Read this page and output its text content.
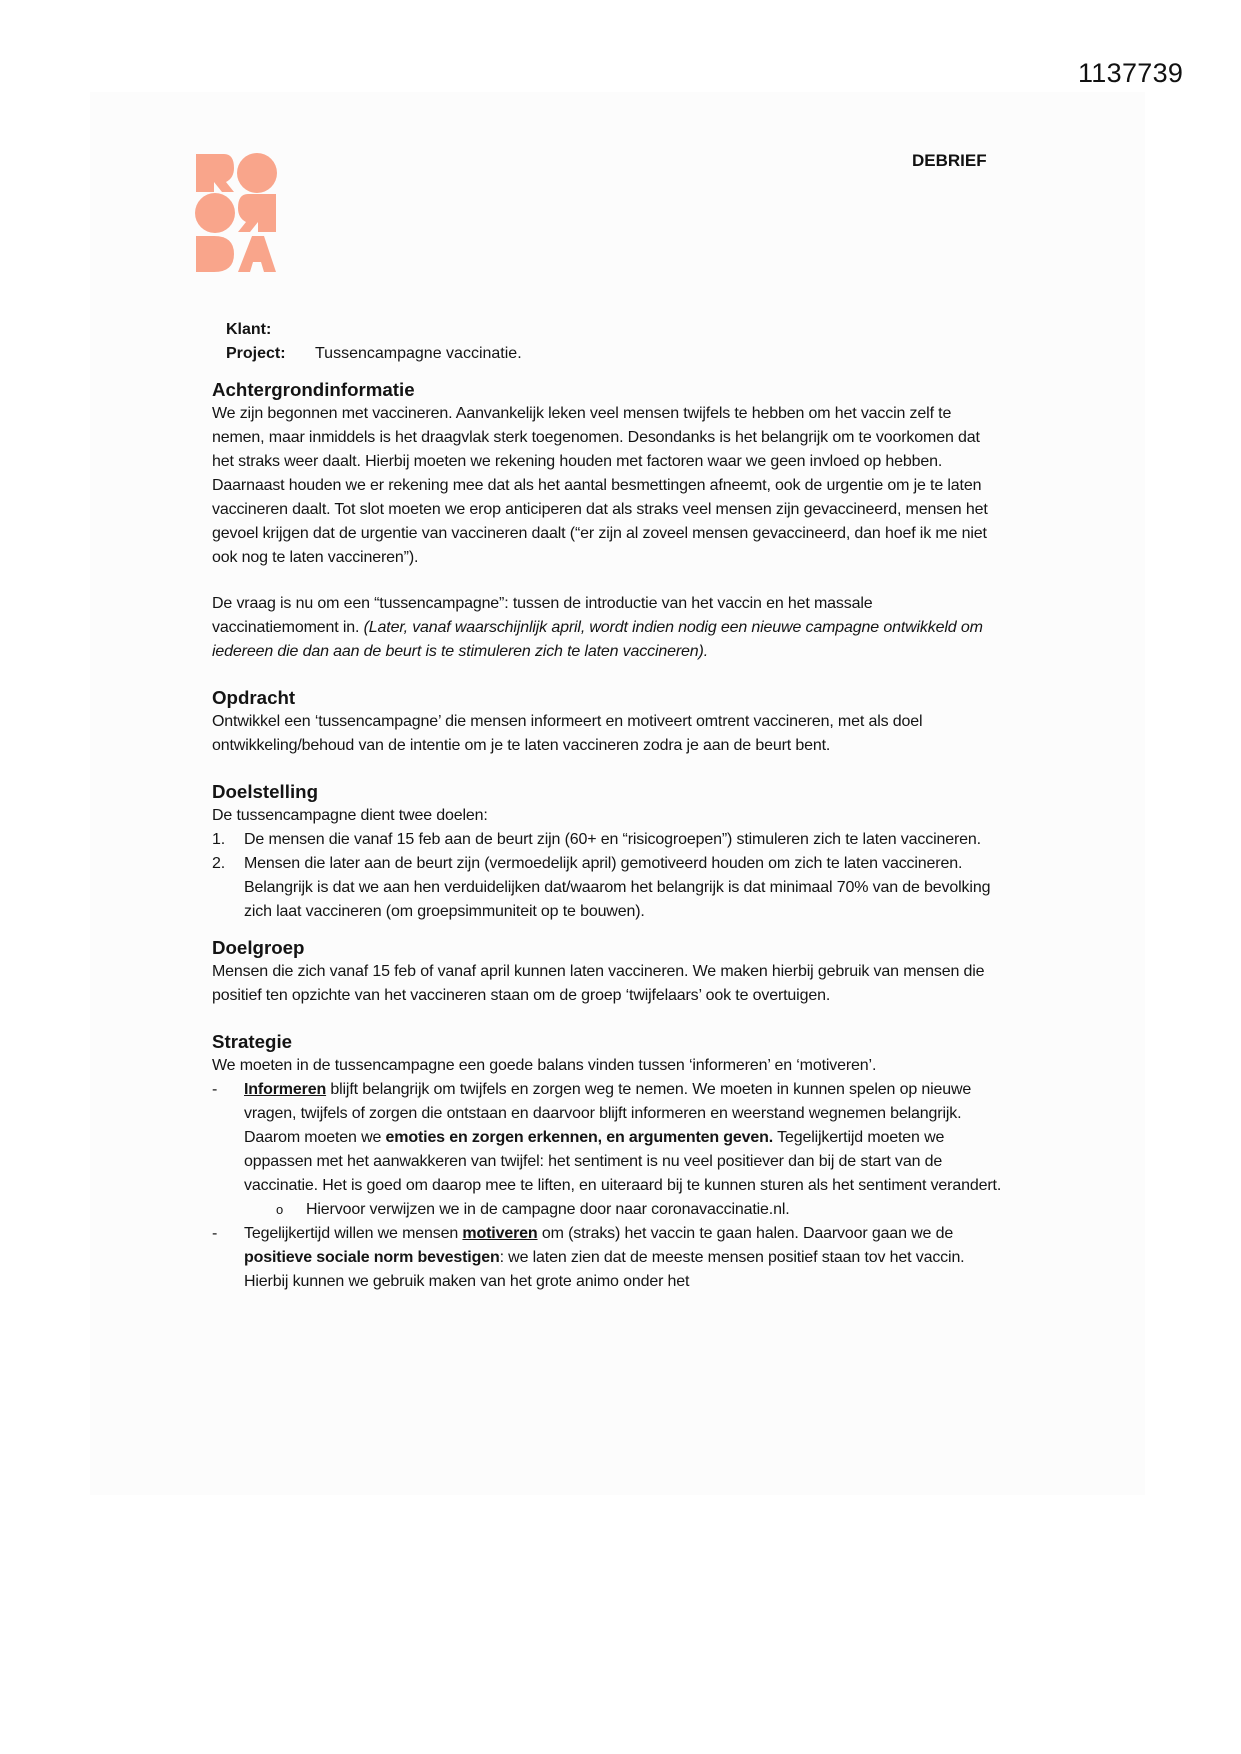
1137739
DEBRIEF
Klant:
Project:	Tussencampagne vaccinatie.
Achtergrondinformatie

We zijn begonnen met vaccineren. Aanvankelijk leken veel mensen twijfels te hebben om het vaccin zelf te nemen, maar inmiddels is het draagvlak sterk toegenomen. Desondanks is het belangrijk om te voorkomen dat het straks weer daalt. Hierbij moeten we rekening houden met factoren waar we geen invloed op hebben. Daarnaast houden we er rekening mee dat als het aantal besmettingen afneemt, ook de urgentie om je te laten vaccineren daalt. Tot slot moeten we erop anticiperen dat als straks veel mensen zijn gevaccineerd, mensen het gevoel krijgen dat de urgentie van vaccineren daalt (“er zijn al zoveel mensen gevaccineerd, dan hoef ik me niet ook nog te laten vaccineren”).

De vraag is nu om een “tussencampagne”: tussen de introductie van het vaccin en het massale vaccinatiemoment in. (Later, vanaf waarschijnlijk april, wordt indien nodig een nieuwe campagne ontwikkeld om iedereen die dan aan de beurt is te stimuleren zich te laten vaccineren).

Opdracht

Ontwikkel een ‘tussencampagne’ die mensen informeert en motiveert omtrent vaccineren, met als doel ontwikkeling/behoud van de intentie om je te laten vaccineren zodra je aan de beurt bent.

Doelstelling

De tussencampagne dient twee doelen:

1.	De mensen die vanaf 15 feb aan de beurt zijn (60+ en “risicogroepen”) stimuleren zich te laten vaccineren.
2.	Mensen die later aan de beurt zijn (vermoedelijk april) gemotiveerd houden om zich te laten vaccineren. Belangrijk is dat we aan hen verduidelijken dat/waarom het belangrijk is dat minimaal 70% van de bevolking zich laat vaccineren (om groepsimmuniteit op te bouwen).
Doelgroep

Mensen die zich vanaf 15 feb of vanaf april kunnen laten vaccineren. We maken hierbij gebruik van mensen die positief ten opzichte van het vaccineren staan om de groep ‘twijfelaars’ ook te overtuigen.

Strategie

We moeten in de tussencampagne een goede balans vinden tussen ‘informeren’ en ‘motiveren’.

-	Informeren blijft belangrijk om twijfels en zorgen weg te nemen. We moeten in kunnen spelen op nieuwe vragen, twijfels of zorgen die ontstaan en daarvoor blijft informeren en weerstand wegnemen belangrijk. Daarom moeten we emoties en zorgen erkennen, en argumenten geven. Tegelijkertijd moeten we oppassen met het aanwakkeren van twijfel: het sentiment is nu veel positiever dan bij de start van de vaccinatie. Het is goed om daarop mee te liften, en uiteraard bij te kunnen sturen als het sentiment verandert.
o	Hiervoor verwijzen we in de campagne door naar coronavaccinatie.nl.
-	Tegelijkertijd willen we mensen motiveren om (straks) het vaccin te gaan halen. Daarvoor gaan we de positieve sociale norm bevestigen: we laten zien dat de meeste mensen positief staan tov het vaccin. Hierbij kunnen we gebruik maken van het grote animo onder het
